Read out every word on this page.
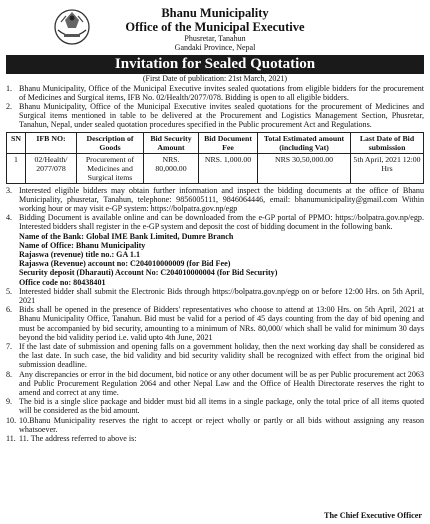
Bhanu Municipality
Office of the Municipal Executive
Phusretar, Tanahun
Gandaki Province, Nepal
Invitation for Sealed Quotation
(First Date of publication: 21st March, 2021)
1. Bhanu Municipality, Office of the Municipal Executive invites sealed quotations from eligible bidders for the procurement of Medicines and Surgical items, IFB No. 02/Health/2077/078. Bidding is open to all eligible bidders.
2. Bhanu Municipality, Office of the Municipal Executive invites sealed quotations for the procurement of Medicines and Surgical items mentioned in table to be delivered at the Procurement and Logistics Management Section, Phusretar, Tanahun, Nepal, under sealed quotation procedures specified in the Public procurement Act and Regulations.
SN	IFB NO:	Description of Goods	Bid Security Amount	Bid Document Fee	Total Estimated amount (including Vat)	Last Date of Bid submission
1	02/Health/ 2077/078	Procurement of Medicines and Surgical items	NRS. 80,000.00	NRS. 1,000.00	NRS 30,50,000.00	5th April, 2021 12:00 Hrs
3. Interested eligible bidders may obtain further information and inspect the bidding documents at the office of Bhanu Municipality, phusretar, Tanahun, telephone: 9856005111, 9846064446, email: bhanumunicipality@gmail.com Within working hour or may visit e-GP system: https://bolpatra.gov.np/egp
4. Bidding Document is available online and can be downloaded from the e-GP portal of PPMO: https://bolpatra.gov.np/egp. Interested bidders shall register in the e-GP system and deposit the cost of bidding document in the following bank.
Name of the Bank: Global IME Bank Limited, Dumre Branch
Name of Office: Bhanu Municipality
Rajaswa (revenue) title no.: GA 1.1
Rajaswa (Revenue) account no: C204010000009 (for Bid Fee)
Security deposit (Dharauti) Account No: C204010000004 (for Bid Security)
Office code no: 80438401
5. Interested bidder shall submit the Electronic Bids through https://bolpatra.gov.np/egp on or before 12:00 Hrs. on 5th April, 2021
6. Bids shall be opened in the presence of Bidders' representatives who choose to attend at 13:00 Hrs. on 5th April, 2021 at Bhanu Municipality Office, Tanahun. Bid must be valid for a period of 45 days counting from the day of bid opening and must be accompanied by bid security, amounting to a minimum of NRs. 80,000/ which shall be valid for minimum 30 days beyond the bid validity period i.e. valid upto 4th June, 2021
7. If the last date of submission and opening falls on a government holiday, then the next working day shall be considered as the last date. In such case, the bid validity and bid security validity shall be recognized with effect from the original bid submission deadline.
8. Any discrepancies or error in the bid document, bid notice or any other document will be as per Public procurement act 2063 and Public Procurement Regulation 2064 and other Nepal Law and the Office of Health Directorate reserves the right to amend and correct at any time.
9. The bid is a single slice package and bidder must bid all items in a single package, only the total price of all items quoted will be considered as the bid amount.
10. 10.Bhanu Municipality reserves the right to accept or reject wholly or partly or all bids without assigning any reason whatsoever.
11. 11. The address referred to above is:
The Chief Executive Officer
